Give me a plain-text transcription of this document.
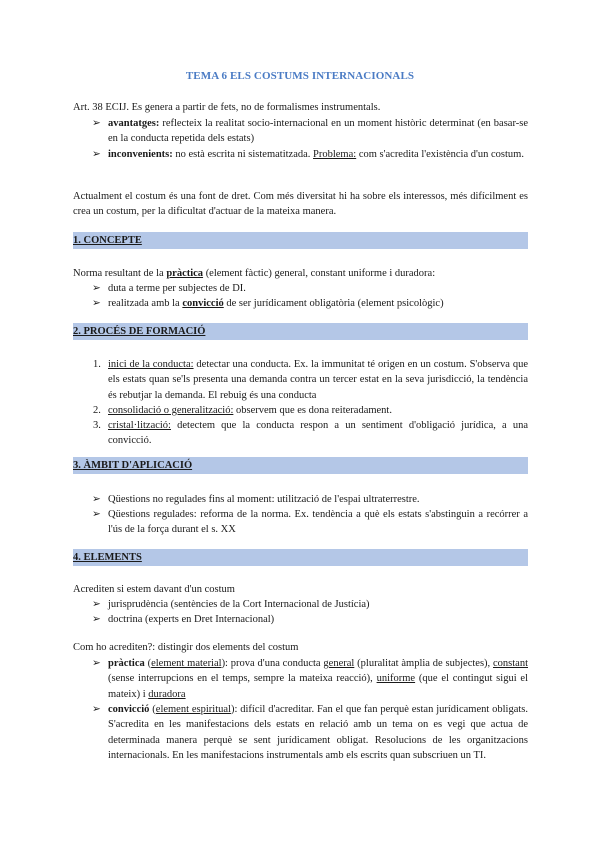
TEMA 6 ELS COSTUMS INTERNACIONALS
Art. 38 ECIJ. Es genera a partir de fets, no de formalismes instrumentals.
➢ avantatges: reflecteix la realitat socio-internacional en un moment històric determinat (en basar-se en la conducta repetida dels estats)
➢ inconvenients: no està escrita ni sistematitzada. Problema: com s'acredita l'existència d'un costum.
Actualment el costum és una font de dret. Com més diversitat hi ha sobre els interessos, més difícilment es crea un costum, per la dificultat d'actuar de la mateixa manera.
1. CONCEPTE
Norma resultant de la pràctica (element fàctic) general, constant uniforme i duradora:
➢ duta a terme per subjectes de DI.
➢ realitzada amb la convicció de ser jurídicament obligatòria (element psicològic)
2. PROCÉS DE FORMACIÓ
1. inici de la conducta: detectar una conducta. Ex. la immunitat té origen en un costum. S'observa que els estats quan se'ls presenta una demanda contra un tercer estat en la seva jurisdicció, la tendència és rebutjar la demanda. El rebuig és una conducta
2. consolidació o generalització: observem que es dona reiteradament.
3. cristal·lització: detectem que la conducta respon a un sentiment d'obligació jurídica, a una convicció.
3. ÀMBIT D'APLICACIÓ
➢ Qüestions no regulades fins al moment: utilització de l'espai ultraterrestre.
➢ Qüestions regulades: reforma de la norma. Ex. tendència a què els estats s'abstinguin a recórrer a l'ús de la força durant el s. XX
4. ELEMENTS
Acrediten si estem davant d'un costum
➢ jurisprudència (sentències de la Cort Internacional de Justícia)
➢ doctrina (experts en Dret Internacional)
Com ho acrediten?: distingir dos elements del costum
➢ pràctica (element material): prova d'una conducta general (pluralitat àmplia de subjectes), constant (sense interrupcions en el temps, sempre la mateixa reacció), uniforme (que el contingut sigui el mateix) i duradora
➢ convicció (element espiritual): difícil d'acreditar. Fan el que fan perquè estan jurídicament obligats. S'acredita en les manifestacions dels estats en relació amb un tema on es vegi que actua de determinada manera perquè se sent jurídicament obligat. Resolucions de les organitzacions internacionals. En les manifestacions instrumentals amb els escrits quan subscriuen un TI.
